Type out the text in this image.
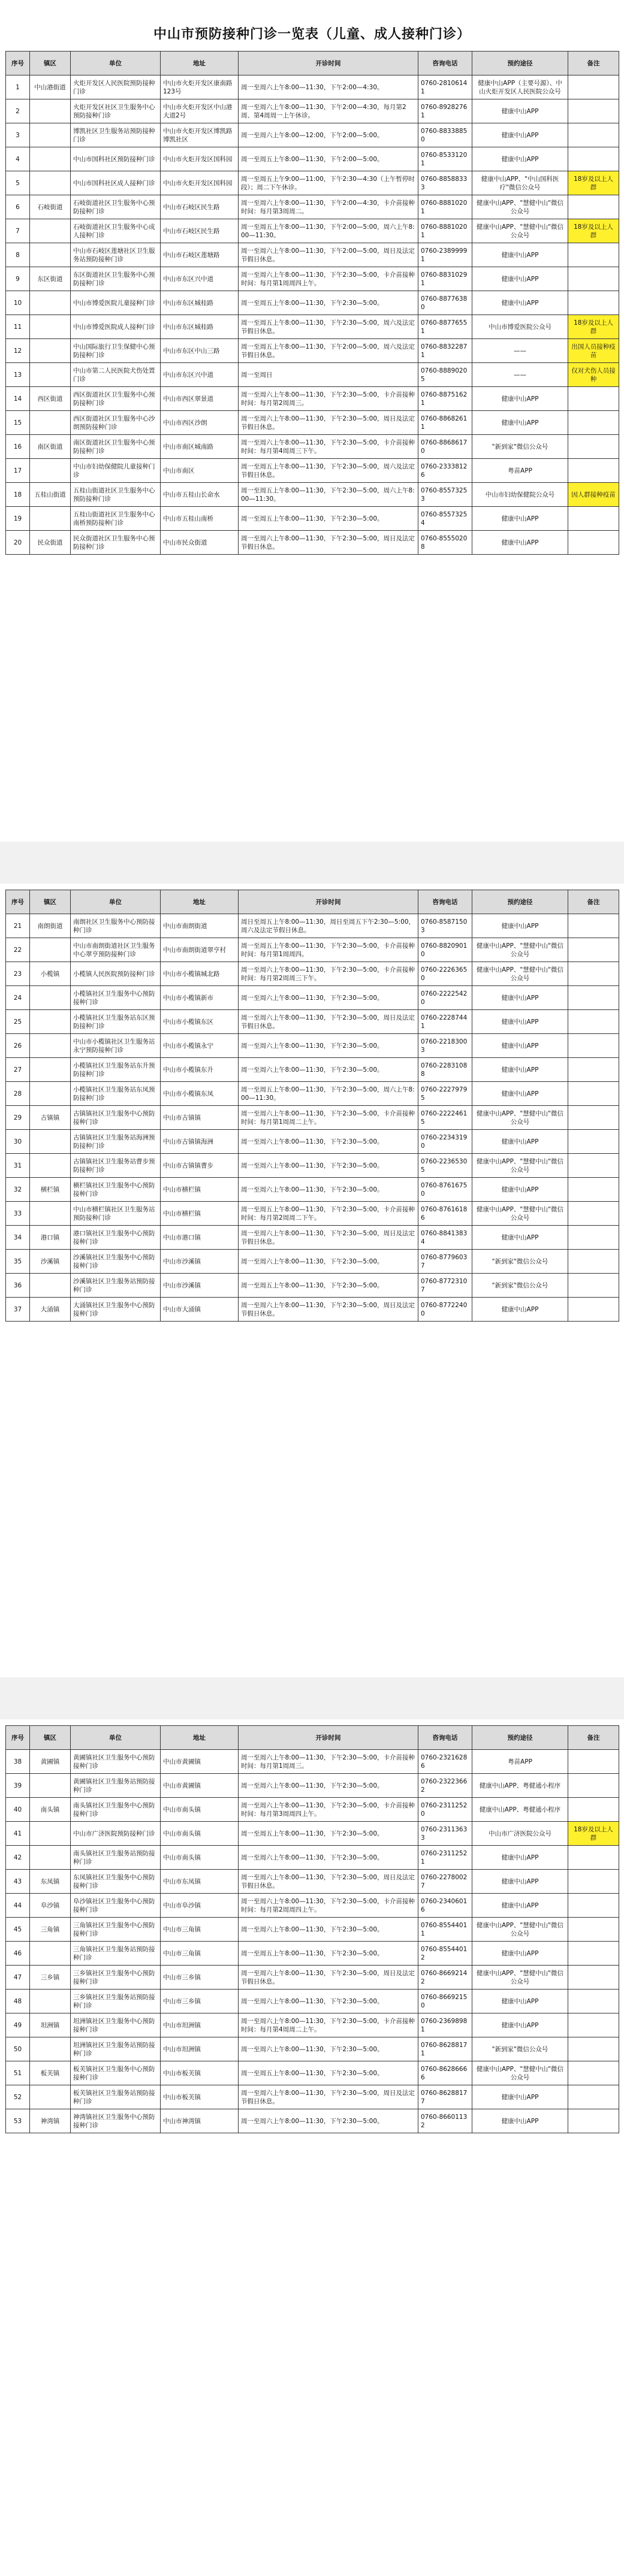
中山市预防接种门诊一览表（儿童、成人接种门诊）
序号	镇区	单位	地址	开诊时间	咨询电话	预约途径	备注
1	中山港街道	火炬开发区人民医院预防接种门诊	中山市火炬开发区康南路123号	周一至周六上午8:00—11:30，下午2:00—4:30。	0760-28106141	健康中山APP（主要号源）、中山火炬开发区人民医院公众号	
2		火炬开发区社区卫生服务中心预防接种门诊	中山市火炬开发区中山港大道2号	周一至周六上午8:00—11:30，下午2:00—4:30，每月第2周、第4周周一上午休诊。	0760-89282761	健康中山APP	
3		博凯社区卫生服务站预防接种门诊	中山市火炬开发区博凯路博凯社区	周一至周六上午8:00—12:00，下午2:00—5:00。	0760-88338850	健康中山APP	
4		中山市国科社区预防接种门诊	中山市火炬开发区国科园	周一至周五上午8:00—11:30，下午2:00—5:00。	0760-85331201	健康中山APP	
5		中山市国科社区成人接种门诊	中山市火炬开发区国科园	周一至周五上午9:00—11:00，下午2:30—4:30（上午暂停时段）；周二下午休诊。	0760-88588333	健康中山APP、"中山国科医疗"微信公众号	18岁及以上人群
6	石岐街道	石岐街道社区卫生服务中心预防接种门诊	中山市石岐区民生路	周一至周六上午8:00—11:30，下午2:00—4:30，卡介苗接种时间：每月第3周周二。	0760-88810201	健康中山APP、"慧健中山"微信公众号	
7		石岐街道社区卫生服务中心成人接种门诊	中山市石岐区民生路	周一至周五上午8:00—11:30，下午2:00—5:00，周六上午8:00—11:30。	0760-88810201	健康中山APP、"慧健中山"微信公众号	18岁及以上人群
8		中山市石岐区莲塘社区卫生服务站预防接种门诊	中山市石岐区莲塘路	周一至周六上午8:00—11:30，下午2:00—5:00，周日及法定节假日休息。	0760-23899991	健康中山APP	
9	东区街道	东区街道社区卫生服务中心预防接种门诊	中山市东区兴中道	周一至周六上午8:00—11:30，下午2:30—5:00，卡介苗接种时间：每月第1周周四上午。	0760-88310291	健康中山APP	
10		中山市博爱医院儿童接种门诊	中山市东区城桂路	周一至周五上午8:00—11:30，下午2:30—5:00。	0760-88776380	健康中山APP	
11		中山市博爱医院成人接种门诊	中山市东区城桂路	周一至周五上午8:00—11:30，下午2:30—5:00，周六及法定节假日休息。	0760-88776551	中山市博爱医院公众号	18岁及以上人群
12		中山国际旅行卫生保健中心预防接种门诊	中山市东区中山三路	周一至周五上午8:00—11:30，下午2:00—5:00，周六及法定节假日休息。	0760-88322871	——	出国人员接种疫苗
13		中山市第二人民医院犬伤处置门诊	中山市东区兴中道	周一至周日	0760-88890205	——	仅对犬伤人员接种
14	西区街道	西区街道社区卫生服务中心预防接种门诊	中山市西区翠景道	周一至周六上午8:00—11:30，下午2:30—5:00，卡介苗接种时间：每月第2周周三。	0760-88751621	健康中山APP	
15		西区街道社区卫生服务中心沙朗预防接种门诊	中山市西区沙朗	周一至周六上午8:00—11:30，下午2:30—5:00，周日及法定节假日休息。	0760-88682611	健康中山APP	
16	南区街道	南区街道社区卫生服务中心预防接种门诊	中山市南区城南路	周一至周六上午8:00—11:30，下午2:30—5:00，卡介苗接种时间：每月第4周周三下午。	0760-88686170	"新到家"微信公众号	
17		中山市妇幼保健院儿童接种门诊	中山市南区	周一至周五上午8:00—11:30，下午2:30—5:00，周六及法定节假日休息。	0760-23338126	粤苗APP	
18	五桂山街道	五桂山街道社区卫生服务中心预防接种门诊	中山市五桂山长命水	周一至周五上午8:00—11:30，下午2:30—5:00，周六上午8:00—11:30。	0760-85573253	中山市妇幼保健院公众号	因人群接种疫苗
19		五桂山街道社区卫生服务中心南桥预防接种门诊	中山市五桂山南桥	周一至周五上午8:00—11:30，下午2:30—5:00。	0760-85573254	健康中山APP	
20	民众街道	民众街道社区卫生服务中心预防接种门诊	中山市民众街道	周一至周六上午8:00—11:30，下午2:30—5:00，周日及法定节假日休息。	0760-85550208	健康中山APP	
序号	镇区	单位	地址	开诊时间	咨询电话	预约途径	备注
21	南朗街道	南朗社区卫生服务中心预防接种门诊	中山市南朗街道	周日至周五上午8:00—11:30，周日至周五下午2:30—5:00，周六及法定节假日休息。	0760-85871503	健康中山APP	
22		中山市南朗街道社区卫生服务中心翠亨预防接种门诊	中山市南朗街道翠亨村	周一至周五上午8:00—11:30，下午2:30—5:00，卡介苗接种时间：每月第1周周四。	0760-88209010	健康中山APP、"慧健中山"微信公众号	
23	小榄镇	小榄镇人民医院预防接种门诊	中山市小榄镇城北路	周一至周六上午8:00—11:30，下午2:30—5:00，卡介苗接种时间：每月第2周周三下午。	0760-22263650	健康中山APP、"慧健中山"微信公众号	
24		小榄镇社区卫生服务中心预防接种门诊	中山市小榄镇新市	周一至周六上午8:00—11:30，下午2:30—5:00。	0760-22225420	健康中山APP	
25		小榄镇社区卫生服务站东区预防接种门诊	中山市小榄镇东区	周一至周六上午8:00—11:30，下午2:30—5:00，周日及法定节假日休息。	0760-22287441	健康中山APP	
26		中山市小榄镇社区卫生服务站永宁预防接种门诊	中山市小榄镇永宁	周一至周六上午8:00—11:30，下午2:30—5:00。	0760-22183003	健康中山APP	
27		小榄镇社区卫生服务站东升预防接种门诊	中山市小榄镇东升	周一至周六上午8:00—11:30，下午2:30—5:00。	0760-22831088	健康中山APP	
28		小榄镇社区卫生服务站东凤预防接种门诊	中山市小榄镇东凤	周一至周五上午8:00—11:30，下午2:30—5:00，周六上午8:00—11:30。	0760-22279795	健康中山APP	
29	古镇镇	古镇镇社区卫生服务中心预防接种门诊	中山市古镇镇	周一至周六上午8:00—11:30，下午2:30—5:00，卡介苗接种时间：每月第1周周二上午。	0760-22224615	健康中山APP、"慧健中山"微信公众号	
30		古镇镇社区卫生服务站海洲预防接种门诊	中山市古镇镇海洲	周一至周六上午8:00—11:30，下午2:30—5:00。	0760-22343190	健康中山APP	
31		古镇镇社区卫生服务站曹步预防接种门诊	中山市古镇镇曹步	周一至周六上午8:00—11:30，下午2:30—5:00。	0760-22365305	健康中山APP、"慧健中山"微信公众号	
32	横栏镇	横栏镇社区卫生服务中心预防接种门诊	中山市横栏镇	周一至周六上午8:00—11:30，下午2:30—5:00。	0760-87616750	健康中山APP	
33		中山市横栏镇社区卫生服务站预防接种门诊	中山市横栏镇	周一至周五上午8:00—11:30，下午2:30—5:00，卡介苗接种时间：每月第2周周二下午。	0760-87616186	健康中山APP、"慧健中山"微信公众号	
34	港口镇	港口镇社区卫生服务中心预防接种门诊	中山市港口镇	周一至周六上午8:00—11:30，下午2:30—5:00，周日及法定节假日休息。	0760-88413834	健康中山APP	
35	沙溪镇	沙溪镇社区卫生服务中心预防接种门诊	中山市沙溪镇	周一至周六上午8:00—11:30，下午2:30—5:00。	0760-87796037	"新到家"微信公众号	
36		沙溪镇社区卫生服务站预防接种门诊	中山市沙溪镇	周一至周五上午8:00—11:30，下午2:30—5:00。	0760-87723107	"新到家"微信公众号	
37	大涌镇	大涌镇社区卫生服务中心预防接种门诊	中山市大涌镇	周一至周六上午8:00—11:30，下午2:30—5:00，周日及法定节假日休息。	0760-87722400	健康中山APP	
序号	镇区	单位	地址	开诊时间	咨询电话	预约途径	备注
38	黄圃镇	黄圃镇社区卫生服务中心预防接种门诊	中山市黄圃镇	周一至周六上午8:00—11:30，下午2:30—5:00，卡介苗接种时间：每月第1周周三。	0760-23216286	粤苗APP	
39		黄圃镇社区卫生服务站预防接种门诊	中山市黄圃镇	周一至周六上午8:00—11:30，下午2:30—5:00。	0760-23223662	健康中山APP、粤健通小程序	
40	南头镇	南头镇社区卫生服务中心预防接种门诊	中山市南头镇	周一至周六上午8:00—11:30，下午2:30—5:00，卡介苗接种时间：每月第3周周四上午。	0760-23112520	健康中山APP、粤健通小程序	
41		中山市广济医院预防接种门诊	中山市南头镇	周一至周五上午8:00—11:30，下午2:30—5:00。	0760-23113633	中山市广济医院公众号	18岁及以上人群
42		南头镇社区卫生服务站预防接种门诊	中山市南头镇	周一至周六上午8:00—11:30，下午2:30—5:00。	0760-23112521	健康中山APP	
43	东凤镇	东凤镇社区卫生服务中心预防接种门诊	中山市东凤镇	周一至周六上午8:00—11:30，下午2:30—5:00，周日及法定节假日休息。	0760-22780027	健康中山APP	
44	阜沙镇	阜沙镇社区卫生服务中心预防接种门诊	中山市阜沙镇	周一至周六上午8:00—11:30，下午2:30—5:00，卡介苗接种时间：每月第2周周四上午。	0760-23406016	健康中山APP	
45	三角镇	三角镇社区卫生服务中心预防接种门诊	中山市三角镇	周一至周六上午8:00—11:30，下午2:30—5:00。	0760-85544011	健康中山APP、"慧健中山"微信公众号	
46		三角镇社区卫生服务站预防接种门诊	中山市三角镇	周一至周五上午8:00—11:30，下午2:30—5:00。	0760-85544012	健康中山APP	
47	三乡镇	三乡镇社区卫生服务中心预防接种门诊	中山市三乡镇	周一至周六上午8:00—11:30，下午2:30—5:00，周日及法定节假日休息。	0760-86692142	健康中山APP、"慧健中山"微信公众号	
48		三乡镇社区卫生服务站预防接种门诊	中山市三乡镇	周一至周六上午8:00—11:30，下午2:30—5:00。	0760-86692150	健康中山APP	
49	坦洲镇	坦洲镇社区卫生服务中心预防接种门诊	中山市坦洲镇	周一至周六上午8:00—11:30，下午2:30—5:00，卡介苗接种时间：每月第4周周二上午。	0760-23698981	健康中山APP	
50		坦洲镇社区卫生服务站预防接种门诊	中山市坦洲镇	周一至周六上午8:00—11:30，下午2:30—5:00。	0760-86288171	"新到家"微信公众号	
51	板芙镇	板芙镇社区卫生服务中心预防接种门诊	中山市板芙镇	周一至周五上午8:00—11:30，下午2:30—5:00。	0760-86286666	健康中山APP、"慧健中山"微信公众号	
52		板芙镇社区卫生服务站预防接种门诊	中山市板芙镇	周一至周六上午8:00—11:30，下午2:30—5:00，周日及法定节假日休息。	0760-86288177	健康中山APP	
53	神湾镇	神湾镇社区卫生服务中心预防接种门诊	中山市神湾镇	周一至周六上午8:00—11:30，下午2:30—5:00。	0760-86601132	健康中山APP	
